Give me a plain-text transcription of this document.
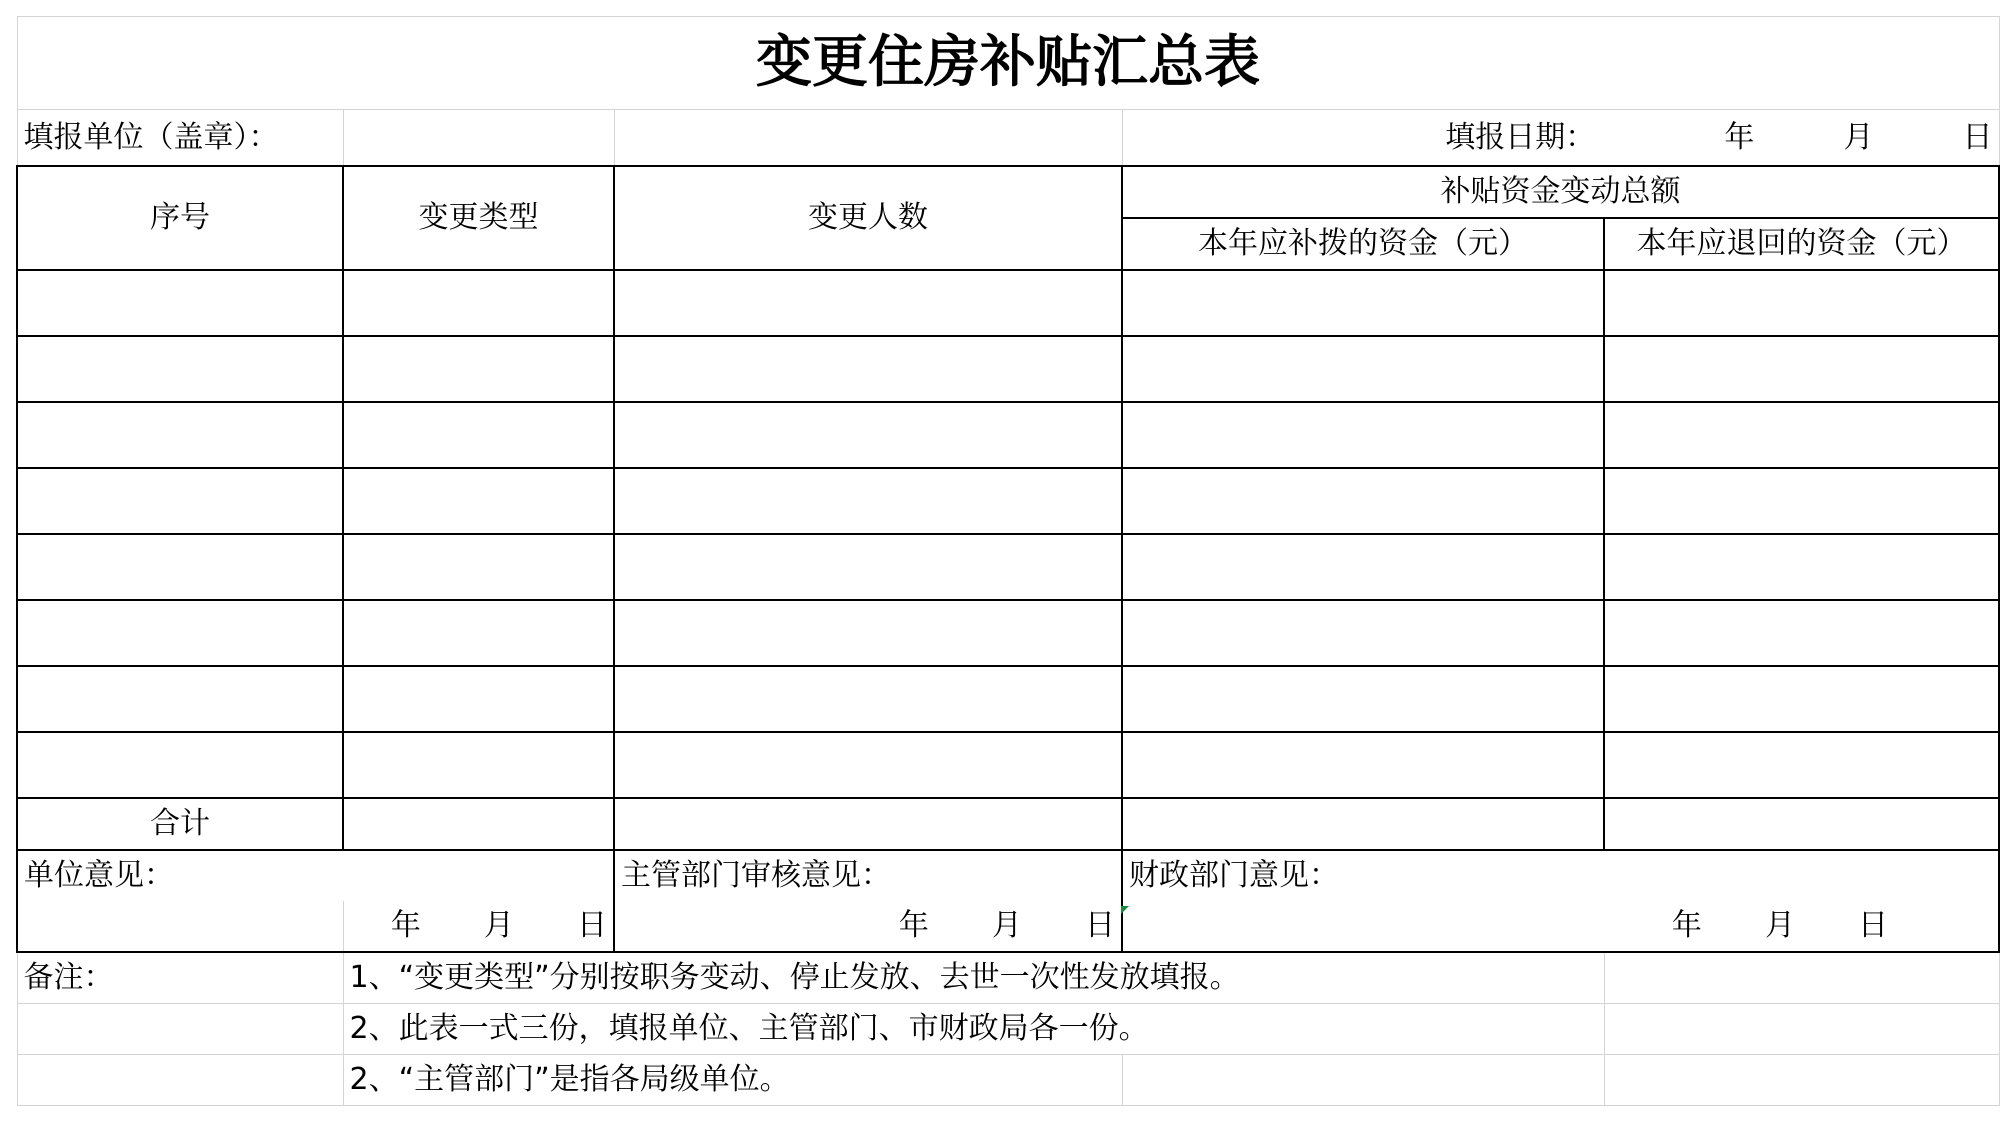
变更住房补贴汇总表				
填报单位（盖章）：			填报日期： 年 月 日	
序号	变更类型	变更人数	补贴资金变动总额	
			本年应补拨的资金（元）	本年应退回的资金（元）

合计				
单位意见：		主管部门审核意见：	财政部门意见：	
	年 月 日	年 月 日	年 月 日	
备注：	1、“变更类型”分别按职务变动、停止发放、去世一次性发放填报。			
	2、此表一式三份，填报单位、主管部门、市财政局各一份。			
	2、“主管部门”是指各局级单位。			
